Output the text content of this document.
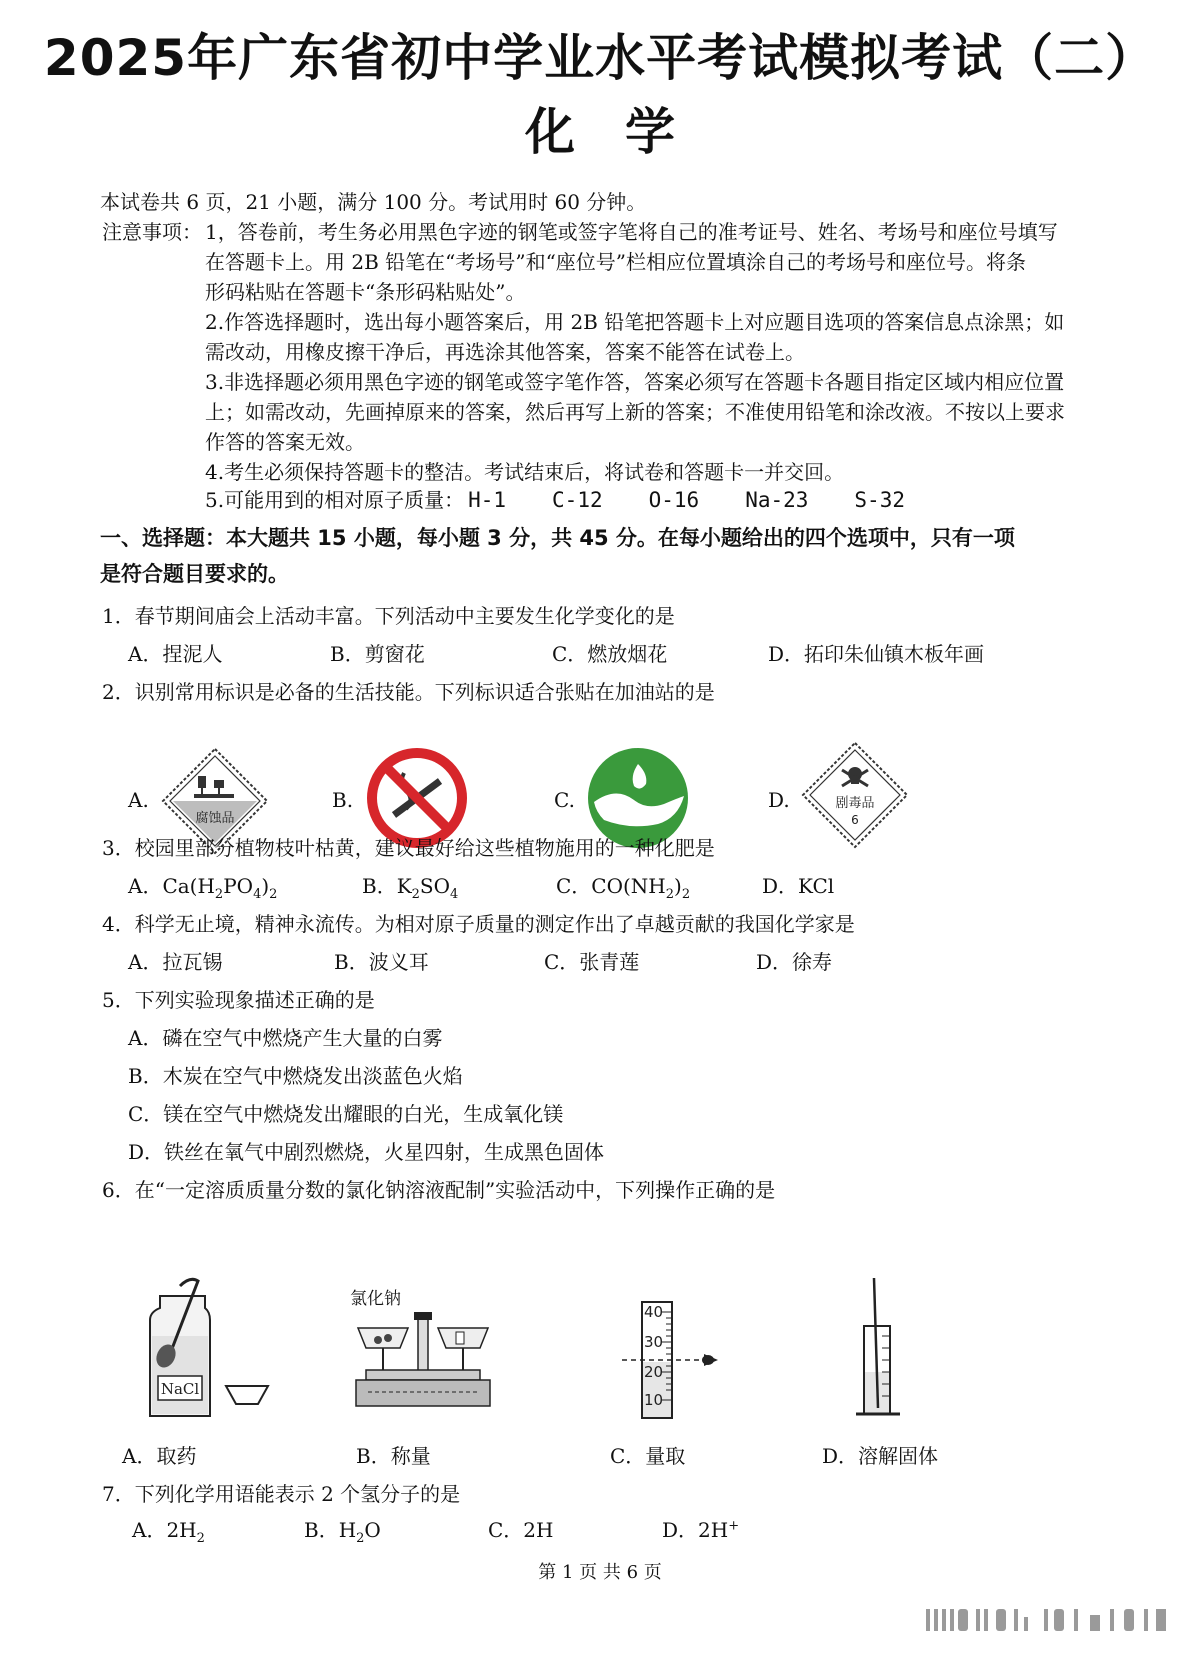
2025年广东省初中学业水平考试模拟考试（二）
化　学
本试卷共 6 页，21 小题，满分 100 分。考试用时 60 分钟。
注意事项： 1，答卷前，考生务必用黑色字迹的钢笔或签字笔将自己的准考证号、姓名、考场号和座位号填写
在答题卡上。用 2B 铅笔在“考场号”和“座位号”栏相应位置填涂自己的考场号和座位号。将条
形码粘贴在答题卡“条形码粘贴处”。
2.作答选择题时，选出每小题答案后，用 2B 铅笔把答题卡上对应题目选项的答案信息点涂黑；如
需改动，用橡皮擦干净后，再选涂其他答案，答案不能答在试卷上。
3.非选择题必须用黑色字迹的钢笔或签字笔作答，答案必须写在答题卡各题目指定区域内相应位置
上；如需改动，先画掉原来的答案，然后再写上新的答案；不准使用铅笔和涂改液。不按以上要求
作答的答案无效。
4.考生必须保持答题卡的整洁。考试结束后，将试卷和答题卡一并交回。
5.可能用到的相对原子质量： H-1 C-12 O-16 Na-23 S-32
一、选择题：本大题共 15 小题，每小题 3 分，共 45 分。在每小题给出的四个选项中，只有一项
是符合题目要求的。
1．春节期间庙会上活动丰富。下列活动中主要发生化学变化的是
A．捏泥人	B．剪窗花	C．燃放烟花	D．拓印朱仙镇木板年画
2．识别常用标识是必备的生活技能。下列标识适合张贴在加油站的是
A.	B.	C.	D.
腐蚀品
剧毒品
6
3．校园里部分植物枝叶枯黄，建议最好给这些植物施用的一种化肥是
A．$Ca(H_2PO_4)_2$	B．$K_2SO_4$	C．$CO(NH_2)_2$	D．KCl
4．科学无止境，精神永流传。为相对原子质量的测定作出了卓越贡献的我国化学家是
A．拉瓦锡	B．波义耳	C．张青莲	D．徐寿
5．下列实验现象描述正确的是
A．磷在空气中燃烧产生大量的白雾
B．木炭在空气中燃烧发出淡蓝色火焰
C．镁在空气中燃烧发出耀眼的白光，生成氧化镁
D．铁丝在氧气中剧烈燃烧，火星四射，生成黑色固体
6．在“一定溶质质量分数的氯化钠溶液配制”实验活动中，下列操作正确的是
NaCl
氯化钠
40
30
20
10
A．取药	B．称量	C．量取	D．溶解固体
7．下列化学用语能表示 2 个氢分子的是
A．$2H_2$	B．$H_2O$	C．2H	D．2H+
第 1 页 共 6 页
